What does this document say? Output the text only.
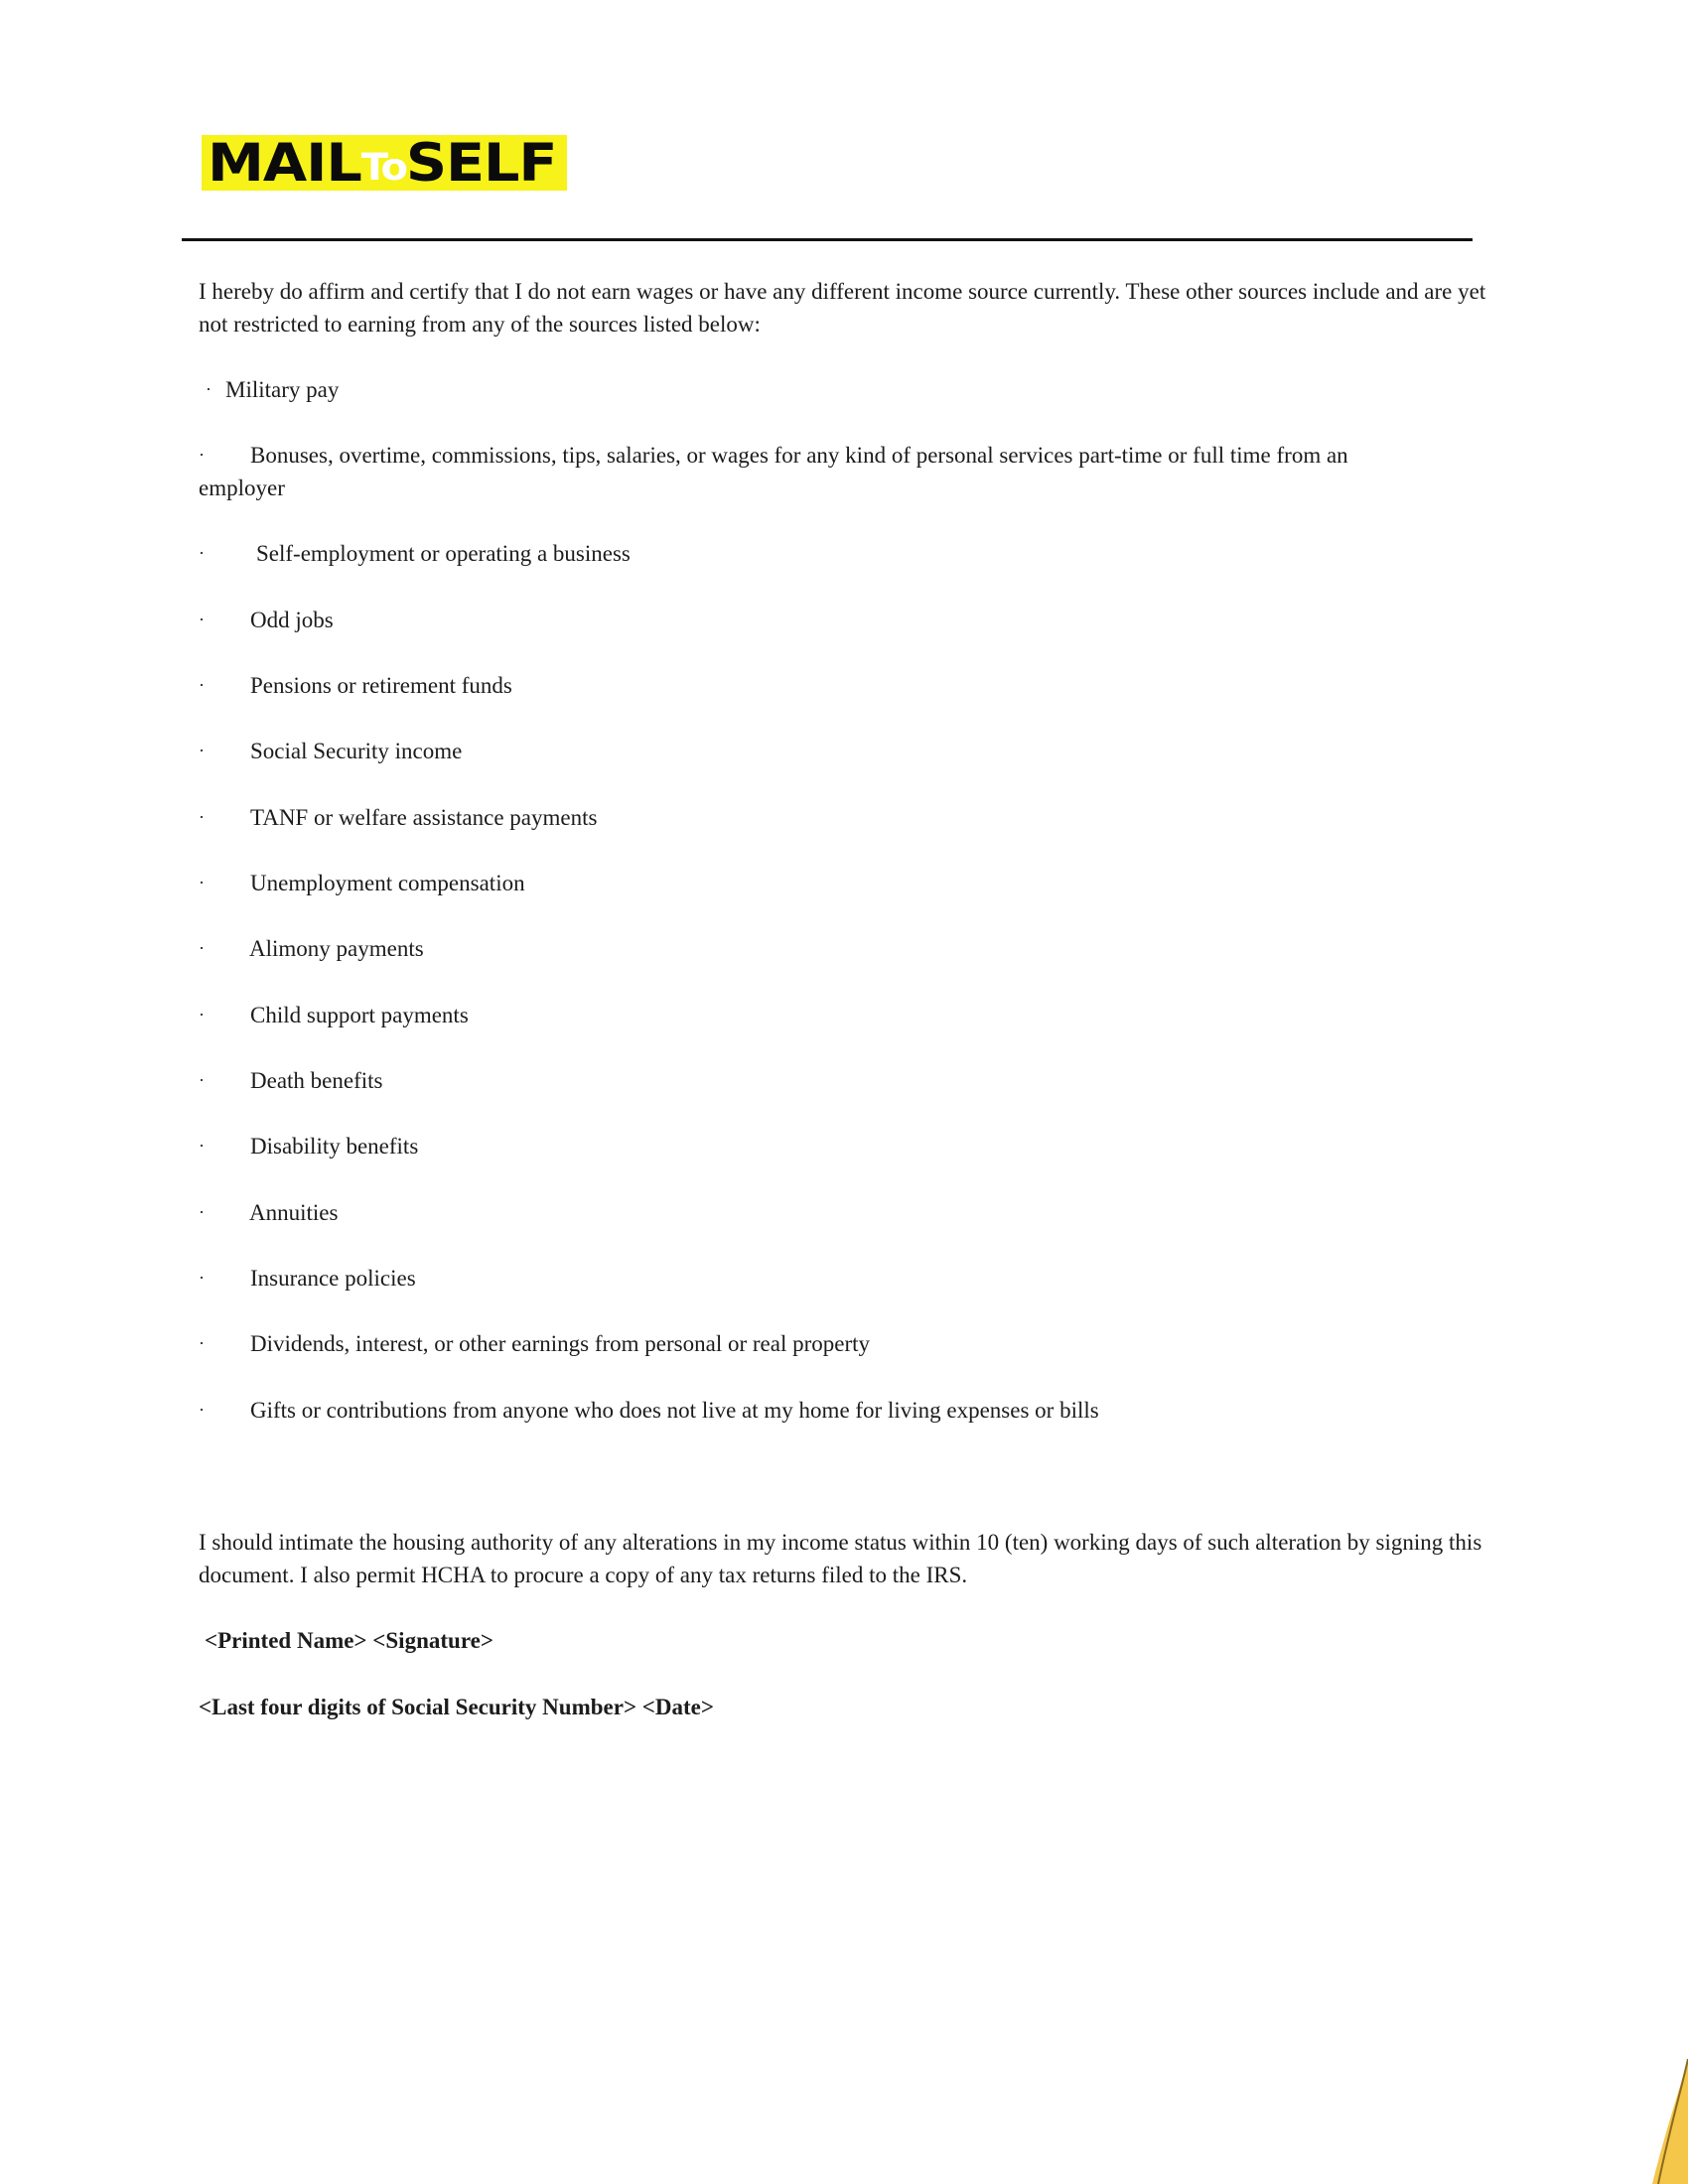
MAILToSELF
I hereby do affirm and certify that I do not earn wages or have any different income source currently. These other sources include and are yet not restricted to earning from any of the sources listed below:
· Military pay
· Bonuses, overtime, commissions, tips, salaries, or wages for any kind of personal services part-time or full time from an
employer
· Self-employment or operating a business
· Odd jobs
· Pensions or retirement funds
· Social Security income
· TANF or welfare assistance payments
· Unemployment compensation
· Alimony payments
· Child support payments
· Death benefits
· Disability benefits
· Annuities
· Insurance policies
· Dividends, interest, or other earnings from personal or real property
· Gifts or contributions from anyone who does not live at my home for living expenses or bills
I should intimate the housing authority of any alterations in my income status within 10 (ten) working days of such alteration by signing this document. I also permit HCHA to procure a copy of any tax returns filed to the IRS.
<Printed Name> <Signature>
<Last four digits of Social Security Number> <Date>
